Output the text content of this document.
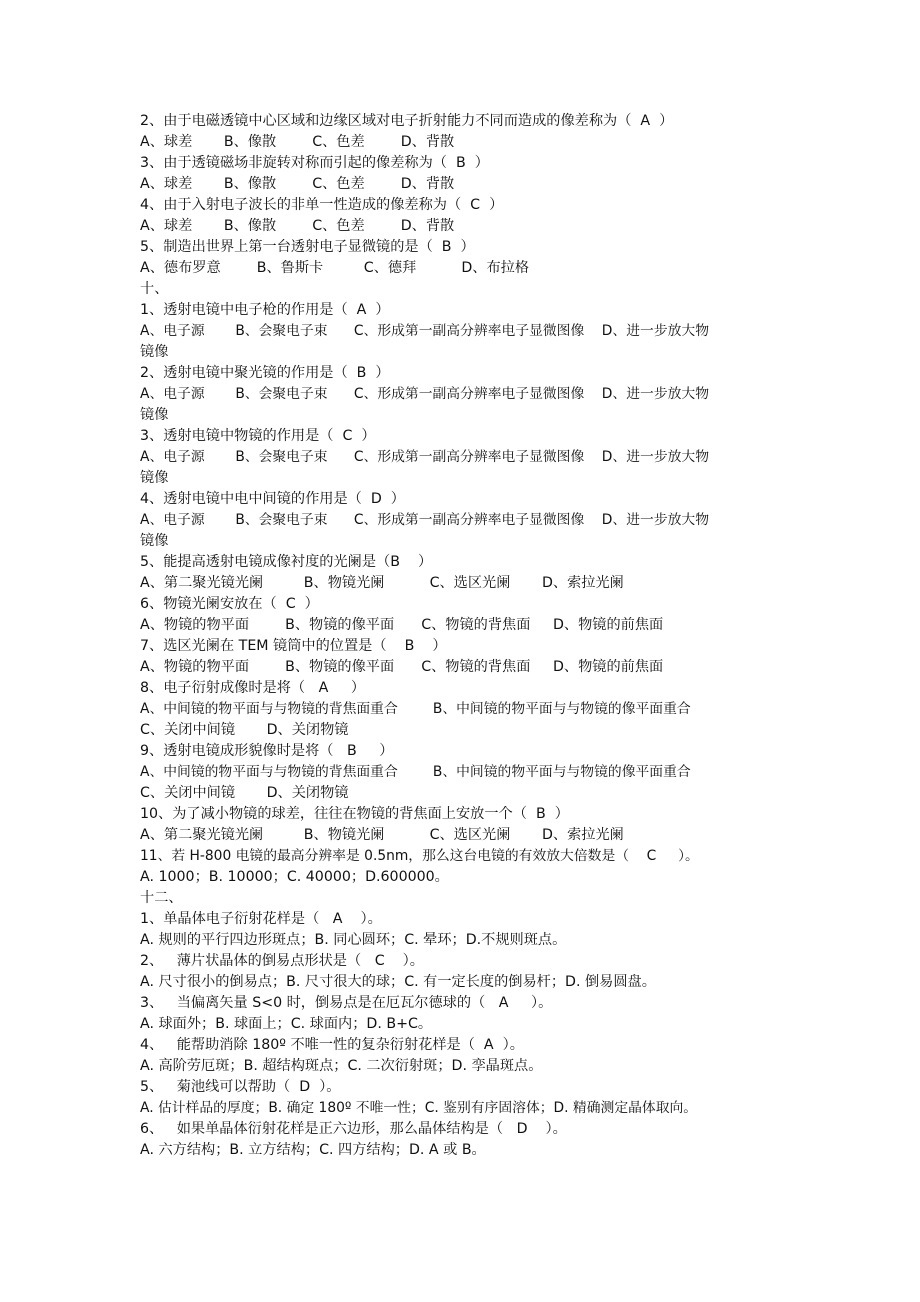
2、由于电磁透镜中心区域和边缘区域对电子折射能力不同而造成的像差称为（  A  ）
A、球差       B、像散        C、色差        D、背散
3、由于透镜磁场非旋转对称而引起的像差称为（  B  ）
A、球差       B、像散        C、色差        D、背散
4、由于入射电子波长的非单一性造成的像差称为（  C  ）
A、球差       B、像散        C、色差        D、背散
5、制造出世界上第一台透射电子显微镜的是（  B  ）
A、德布罗意        B、鲁斯卡         C、德拜          D、布拉格
十、
1、透射电镜中电子枪的作用是（  A  ）
A、电子源       B、会聚电子束      C、形成第一副高分辨率电子显微图像    D、进一步放大物
镜像
2、透射电镜中聚光镜的作用是（  B  ）
A、电子源       B、会聚电子束      C、形成第一副高分辨率电子显微图像    D、进一步放大物
镜像
3、透射电镜中物镜的作用是（  C  ）
A、电子源       B、会聚电子束      C、形成第一副高分辨率电子显微图像    D、进一步放大物
镜像
4、透射电镜中电中间镜的作用是（  D  ）
A、电子源       B、会聚电子束      C、形成第一副高分辨率电子显微图像    D、进一步放大物
镜像
5、能提高透射电镜成像衬度的光阑是（B    ）
A、第二聚光镜光阑         B、物镜光阑          C、选区光阑       D、索拉光阑
6、物镜光阑安放在（  C  ）
A、物镜的物平面        B、物镜的像平面      C、物镜的背焦面     D、物镜的前焦面
7、选区光阑在 TEM 镜筒中的位置是（    B    ）
A、物镜的物平面        B、物镜的像平面      C、物镜的背焦面     D、物镜的前焦面
8、电子衍射成像时是将（   A     ）
A、中间镜的物平面与与物镜的背焦面重合        B、中间镜的物平面与与物镜的像平面重合
C、关闭中间镜       D、关闭物镜
9、透射电镜成形貌像时是将（   B     ）
A、中间镜的物平面与与物镜的背焦面重合        B、中间镜的物平面与与物镜的像平面重合
C、关闭中间镜       D、关闭物镜
10、为了减小物镜的球差，往往在物镜的背焦面上安放一个（  B  ）
A、第二聚光镜光阑         B、物镜光阑          C、选区光阑       D、索拉光阑
11、若 H-800 电镜的最高分辨率是 0.5nm，那么这台电镜的有效放大倍数是（    C     ）。
A. 1000；B. 10000；C. 40000；D.600000。
十二、
1、单晶体电子衍射花样是（   A    ）。
A. 规则的平行四边形斑点；B. 同心圆环；C. 晕环；D.不规则斑点。
2、   薄片状晶体的倒易点形状是（   C    ）。
A. 尺寸很小的倒易点；B. 尺寸很大的球；C. 有一定长度的倒易杆；D. 倒易圆盘。
3、   当偏离矢量 S<0 时，倒易点是在厄瓦尔德球的（   A     ）。
A. 球面外；B. 球面上；C. 球面内；D. B+C。
4、   能帮助消除 180º 不唯一性的复杂衍射花样是（  A  ）。
A. 高阶劳厄斑；B. 超结构斑点；C. 二次衍射斑；D. 孪晶斑点。
5、   菊池线可以帮助（  D  ）。
A. 估计样品的厚度；B. 确定 180º 不唯一性；C. 鉴别有序固溶体；D. 精确测定晶体取向。
6、   如果单晶体衍射花样是正六边形，那么晶体结构是（   D    ）。
A. 六方结构；B. 立方结构；C. 四方结构；D. A 或 B。
